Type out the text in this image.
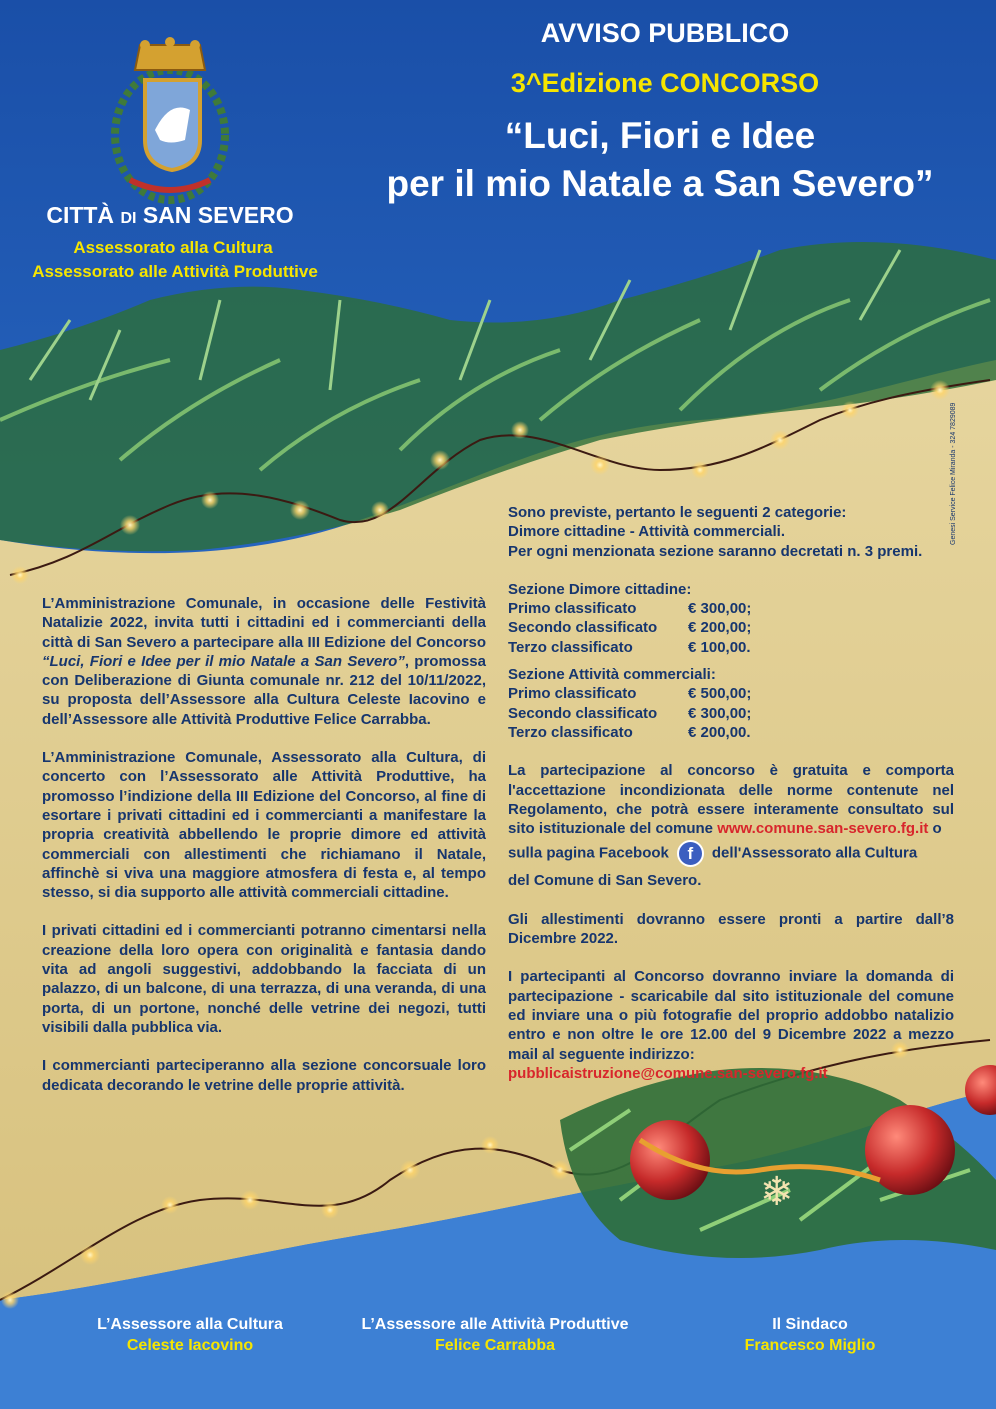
❄
AVVISO PUBBLICO
3^Edizione CONCORSO
“Luci, Fiori e Idee
per il mio Natale a San Severo”
CITTÀ DI SAN SEVERO
Assessorato alla Cultura
Assessorato alle Attività Produttive
Genesi Service Felice Miranda - 324 7829089
L’Amministrazione Comunale, in occasione delle Festività Natalizie 2022, invita tutti i cittadini ed i commercianti della città di San Severo a partecipare alla III Edizione del Concorso “Luci, Fiori e Idee per il mio Natale a San Severo”, promossa con Deliberazione di Giunta comunale nr. 212 del 10/11/2022, su proposta dell’Assessore alla Cultura Celeste Iacovino e dell’Assessore alle Attività Produttive Felice Carrabba.
L’Amministrazione Comunale, Assessorato alla Cultura, di concerto con l’Assessorato alle Attività Produttive, ha promosso l’indizione della III Edizione del Concorso, al fine di esortare i privati cittadini ed i commercianti a manifestare la propria creatività abbellendo le proprie dimore ed attività commerciali con allestimenti che richiamano il Natale, affinchè si viva una maggiore atmosfera di festa e, al tempo stesso, si dia supporto alle attività commerciali cittadine.
I privati cittadini ed i commercianti potranno cimentarsi nella creazione della loro opera con originalità e fantasia dando vita ad angoli suggestivi, addobbando la facciata di un palazzo, di un balcone, di una terrazza, di una veranda, di una porta, di un portone, nonché delle vetrine dei negozi, tutti visibili dalla pubblica via.
I commercianti parteciperanno alla sezione concorsuale loro dedicata decorando le vetrine delle proprie attività.
Sono previste, pertanto le seguenti 2 categorie:
Dimore cittadine - Attività commerciali.
Per ogni menzionata sezione saranno decretati n. 3 premi.
Sezione Dimore cittadine:
Primo classificato	€ 300,00;
Secondo classificato	€ 200,00;
Terzo classificato	€ 100,00.
Sezione Attività commerciali:
Primo classificato	€ 500,00;
Secondo classificato	€ 300,00;
Terzo classificato	€ 200,00.
La partecipazione al concorso è gratuita e comporta l'accettazione incondizionata delle norme contenute nel Regolamento, che potrà essere interamente consultato sul sito istituzionale del comune www.comune.san-severo.fg.it o
sulla pagina Facebook f dell'Assessorato alla Cultura
del Comune di San Severo.
Gli allestimenti dovranno essere pronti a partire dall’8 Dicembre 2022.
I partecipanti al Concorso dovranno inviare la domanda di partecipazione - scaricabile dal sito istituzionale del comune ed inviare una o più fotografie del proprio addobbo natalizio entro e non oltre le ore 12.00 del 9 Dicembre 2022 a mezzo mail al seguente indirizzo:
pubblicaistruzione@comune.san-severo.fg.it
L’Assessore alla Cultura
Celeste Iacovino
L’Assessore alle Attività Produttive
Felice Carrabba
Il Sindaco
Francesco Miglio
